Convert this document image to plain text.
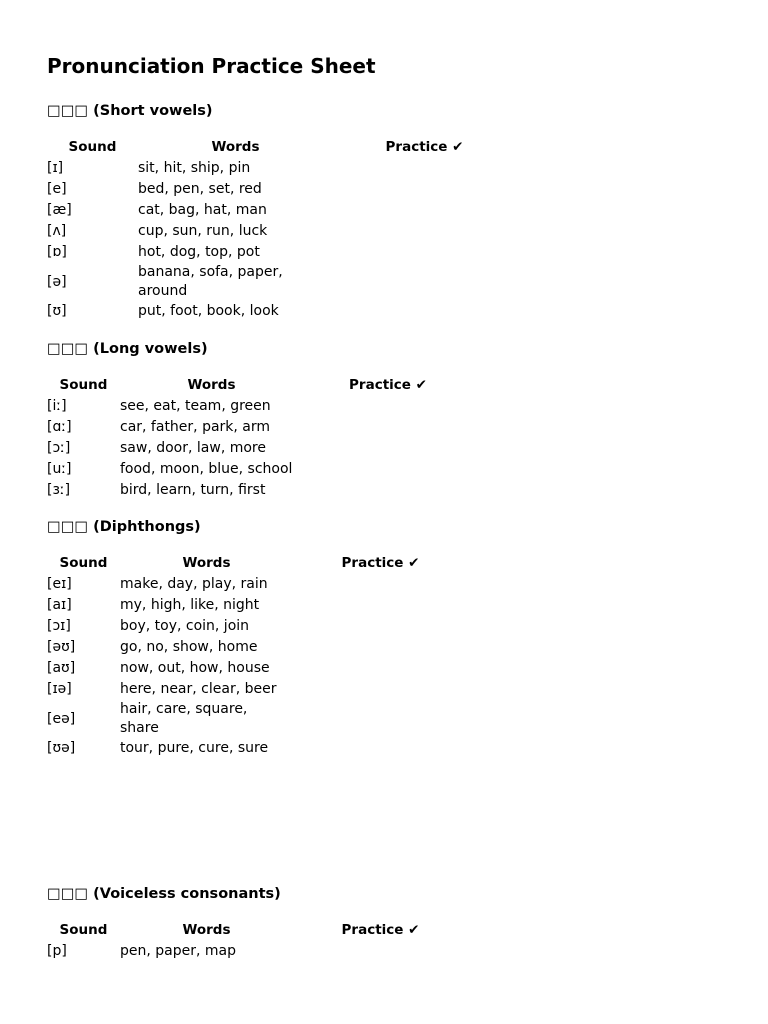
Pronunciation Practice Sheet
□□□ (Short vowels)
Sound	Words	Practice ✔
[ɪ]	sit, hit, ship, pin	
[e]	bed, pen, set, red	
[æ]	cat, bag, hat, man	
[ʌ]	cup, sun, run, luck	
[ɒ]	hot, dog, top, pot	
[ə]	banana, sofa, paper, around	

[ʊ]	put, foot, book, look	
□□□ (Long vowels)
Sound	Words	Practice ✔
[iː]	see, eat, team, green	
[ɑː]	car, father, park, arm	
[ɔː]	saw, door, law, more	
[uː]	food, moon, blue, school	
[ɜː]	bird, learn, turn, first	
□□□ (Diphthongs)
Sound	Words	Practice ✔
[eɪ]	make, day, play, rain	
[aɪ]	my, high, like, night	
[ɔɪ]	boy, toy, coin, join	
[əʊ]	go, no, show, home	
[aʊ]	now, out, how, house	
[ɪə]	here, near, clear, beer	
[eə]	hair, care, square, share	

[ʊə]	tour, pure, cure, sure	
□□□ (Voiceless consonants)
Sound	Words	Practice ✔
[p]	pen, paper, map	
